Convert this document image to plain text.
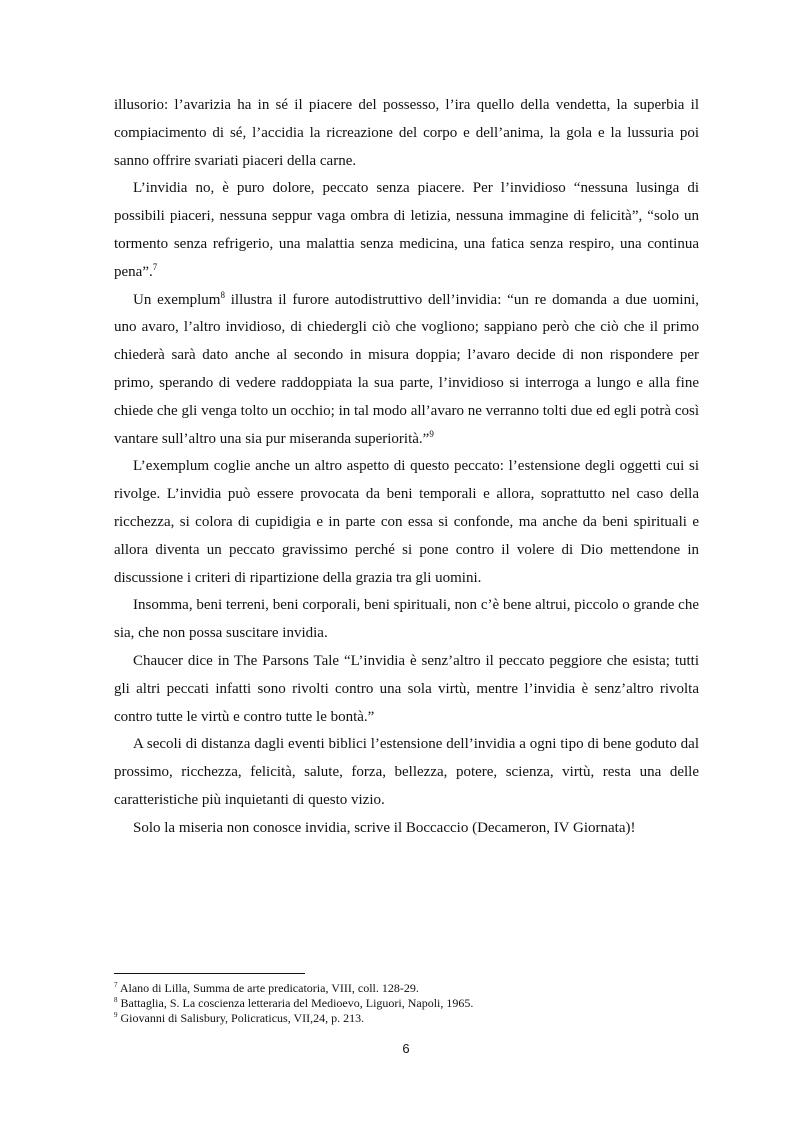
illusorio: l’avarizia ha in sé il piacere del possesso, l’ira quello della vendetta, la superbia il compiacimento di sé, l’accidia la ricreazione del corpo e dell’anima, la gola e la lussuria poi sanno offrire svariati piaceri della carne.

L’invidia no, è puro dolore, peccato senza piacere. Per l’invidioso “nessuna lusinga di possibili piaceri, nessuna seppur vaga ombra di letizia, nessuna immagine di felicità”, “solo un tormento senza refrigerio, una malattia senza medicina, una fatica senza respiro, una continua pena”.$^7$

Un exemplum$^8$ illustra il furore autodistruttivo dell’invidia: “un re domanda a due uomini, uno avaro, l’altro invidioso, di chiedergli ciò che vogliono; sappiano però che ciò che il primo chiederà sarà dato anche al secondo in misura doppia; l’avaro decide di non rispondere per primo, sperando di vedere raddoppiata la sua parte, l’invidioso si interroga a lungo e alla fine chiede che gli venga tolto un occhio; in tal modo all’avaro ne verranno tolti due ed egli potrà così vantare sull’altro una sia pur miseranda superiorità.”$^9$

L’exemplum coglie anche un altro aspetto di questo peccato: l’estensione degli oggetti cui si rivolge. L’invidia può essere provocata da beni temporali e allora, soprattutto nel caso della ricchezza, si colora di cupidigia e in parte con essa si confonde, ma anche da beni spirituali e allora diventa un peccato gravissimo perché si pone contro il volere di Dio mettendone in discussione i criteri di ripartizione della grazia tra gli uomini.

Insomma, beni terreni, beni corporali, beni spirituali, non c’è bene altrui, piccolo o grande che sia, che non possa suscitare invidia.

Chaucer dice in The Parsons Tale “L’invidia è senz’altro il peccato peggiore che esista; tutti gli altri peccati infatti sono rivolti contro una sola virtù, mentre l’invidia è senz’altro rivolta contro tutte le virtù e contro tutte le bontà.”

A secoli di distanza dagli eventi biblici l’estensione dell’invidia a ogni tipo di bene goduto dal prossimo, ricchezza, felicità, salute, forza, bellezza, potere, scienza, virtù, resta una delle caratteristiche più inquietanti di questo vizio.

Solo la miseria non conosce invidia, scrive il Boccaccio (Decameron, IV Giornata)!

$^7$ Alano di Lilla, Summa de arte predicatoria, VIII, coll. 128-29.
$^8$ Battaglia, S. La coscienza letteraria del Medioevo, Liguori, Napoli, 1965.
$^9$ Giovanni di Salisbury, Policraticus, VII,24, p. 213.
6
